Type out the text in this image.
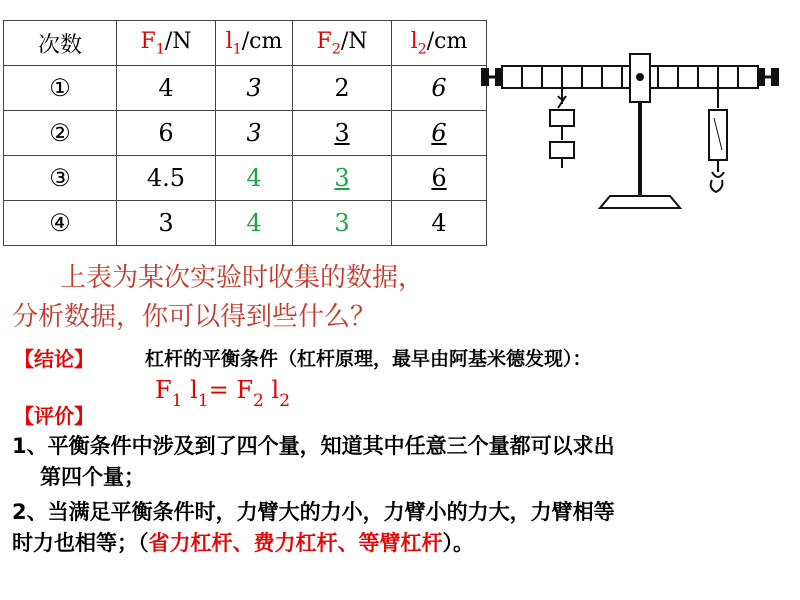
次数	$F_1/N$	$l_1/cm$	$F_2/N$	$l_2/cm$
①	4	3	2	6
②	6	3	3	6
③	4.5	4	3	6
④	3	4	3	4
上表为某次实验时收集的数据，
分析数据，你可以得到些什么？
【结论】	杠杆的平衡条件（杠杆原理，最早由阿基米德发现）：
$F_1$ $l_1= F_2$ $l_2$
【评价】
1、平衡条件中涉及到了四个量，知道其中任意三个量都可以求出
第四个量；
2、当满足平衡条件时，力臂大的力小，力臂小的力大，力臂相等
时力也相等；（省力杠杆、费力杠杆、等臂杠杆）。
